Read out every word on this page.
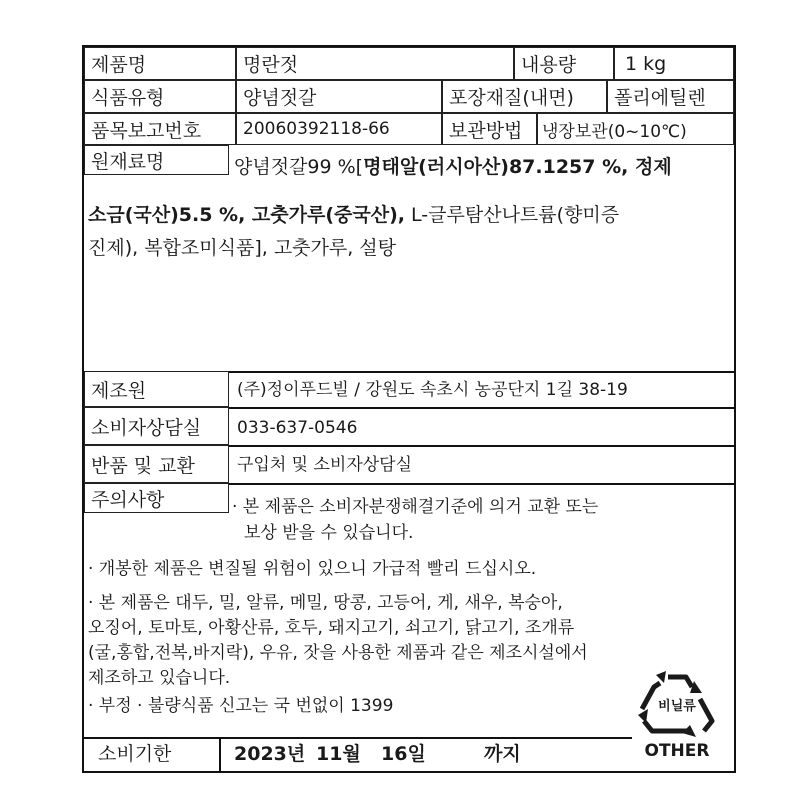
제품명	명란젓	내용량	1 kg
식품유형	양념젓갈	포장재질(내면) 폴리에틸렌
품목보고번호 20060392118-66	보관방법 냉장보관(0~10℃)
원재료명	양념젓갈99 %[명태알(러시아산)87.1257 %, 정제
소금(국산)5.5 %, 고춧가루(중국산), L-글루탐산나트륨(향미증
진제), 복합조미식품], 고춧가루, 설탕
제조원	(주)정이푸드빌 / 강원도 속초시 농공단지 1길 38-19
소비자상담실 033-637-0546
반품 및 교환 구입처 및 소비자상담실
주의사항	· 본 제품은 소비자분쟁해결기준에 의거 교환 또는
보상 받을 수 있습니다.
· 개봉한 제품은 변질될 위험이 있으니 가급적 빨리 드십시오.
· 본 제품은 대두, 밀, 알류, 메밀, 땅콩, 고등어, 게, 새우, 복숭아,
오징어, 토마토, 아황산류, 호두, 돼지고기, 쇠고기, 닭고기, 조개류
(굴,홍합,전복,바지락), 우유, 잣을 사용한 제품과 같은 제조시설에서
제조하고 있습니다.
· 부정 · 불량식품 신고는 국 번없이 1399	비닐류
OTHER
소비기한	2023년 11월 16일	까지
